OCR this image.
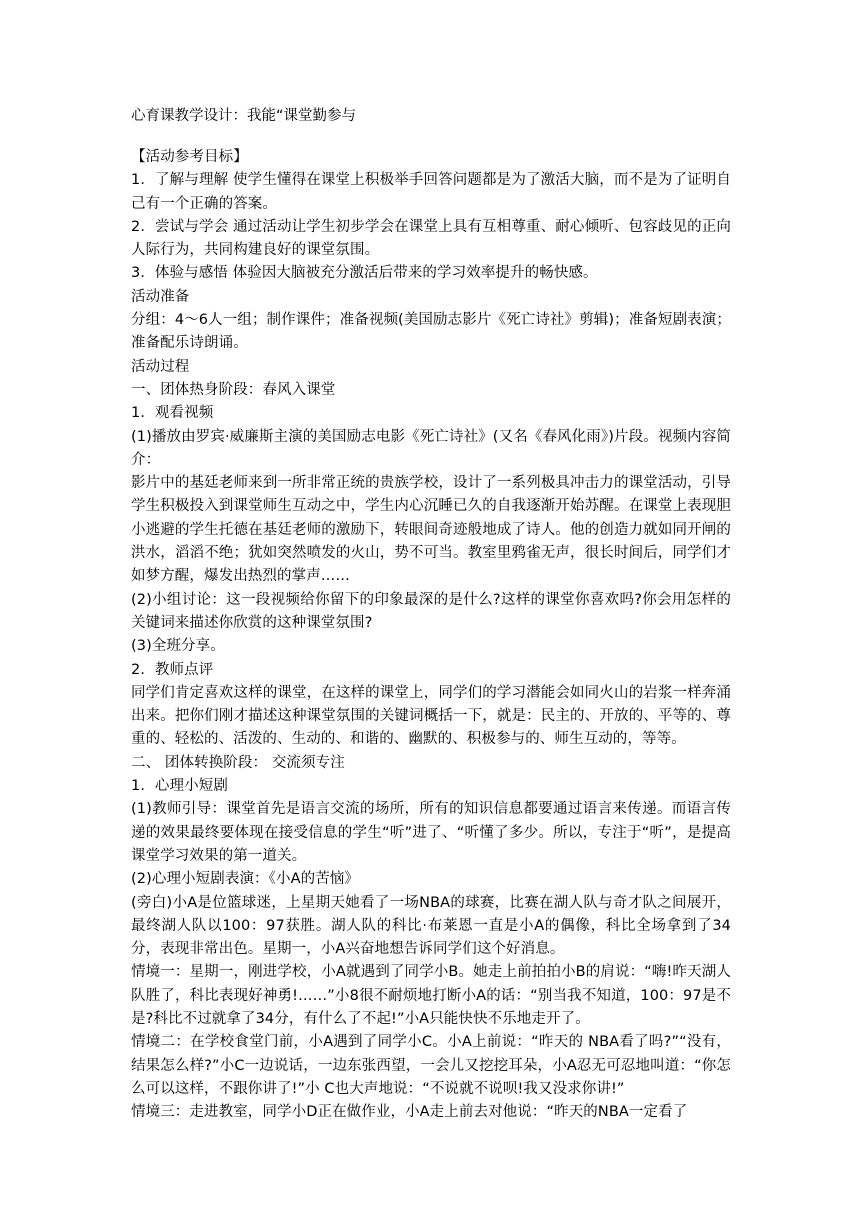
心育课教学设计：我能“课堂勤参与

【活动参考目标】

1．了解与理解 使学生懂得在课堂上积极举手回答问题都是为了激活大脑，而不是为了证明自己有一个正确的答案。

2．尝试与学会 通过活动让学生初步学会在课堂上具有互相尊重、耐心倾听、包容歧见的正向人际行为，共同构建良好的课堂氛围。

3．体验与感悟 体验因大脑被充分激活后带来的学习效率提升的畅快感。

活动准备

分组：4～6人一组；制作课件；准备视频(美国励志影片《死亡诗社》剪辑)；准备短剧表演；准备配乐诗朗诵。

活动过程

一、团体热身阶段：春风入课堂

1．观看视频

(1)播放由罗宾·威廉斯主演的美国励志电影《死亡诗社》(又名《春风化雨》)片段。视频内容简介：

影片中的基廷老师来到一所非常正统的贵族学校，设计了一系列极具冲击力的课堂活动，引导学生积极投入到课堂师生互动之中，学生内心沉睡已久的自我逐渐开始苏醒。在课堂上表现胆小逃避的学生托德在基廷老师的激励下，转眼间奇迹般地成了诗人。他的创造力就如同开闸的洪水，滔滔不绝；犹如突然喷发的火山，势不可当。教室里鸦雀无声，很长时间后，同学们才如梦方醒，爆发出热烈的掌声……

(2)小组讨论：这一段视频给你留下的印象最深的是什么?这样的课堂你喜欢吗?你会用怎样的关键词来描述你欣赏的这种课堂氛围?

(3)全班分享。

2．教师点评

同学们肯定喜欢这样的课堂，在这样的课堂上，同学们的学习潜能会如同火山的岩浆一样奔涌出来。把你们刚才描述这种课堂氛围的关键词概括一下，就是：民主的、开放的、平等的、尊重的、轻松的、活泼的、生动的、和谐的、幽默的、积极参与的、师生互动的，等等。

二、 团体转换阶段： 交流须专注

1．心理小短剧

(1)教师引导：课堂首先是语言交流的场所，所有的知识信息都要通过语言来传递。而语言传递的效果最终要体现在接受信息的学生“听”进了、“听懂了多少。所以，专注于“听”，是提高课堂学习效果的第一道关。

(2)心理小短剧表演：《小A的苦恼》

(旁白)小A是位篮球迷，上星期天她看了一场NBA的球赛，比赛在湖人队与奇才队之间展开，最终湖人队以100：97获胜。湖人队的科比·布莱恩一直是小A的偶像，科比全场拿到了34分，表现非常出色。星期一，小A兴奋地想告诉同学们这个好消息。

情境一：星期一，刚进学校，小A就遇到了同学小B。她走上前拍拍小B的肩说：“嗨!昨天湖人队胜了，科比表现好神勇!……”小8很不耐烦地打断小A的话：“别当我不知道，100：97是不是?科比不过就拿了34分，有什么了不起!”小A只能快快不乐地走开了。

情境二：在学校食堂门前，小A遇到了同学小C。小A上前说：“昨天的 NBA看了吗?”“没有，结果怎么样?”小C一边说话，一边东张西望，一会儿又挖挖耳朵，小A忍无可忍地叫道：“你怎么可以这样，不跟你讲了!”小 C也大声地说：“不说就不说呗!我又没求你讲!”

情境三：走进教室，同学小D正在做作业，小A走上前去对他说：“昨天的NBA一定看了
